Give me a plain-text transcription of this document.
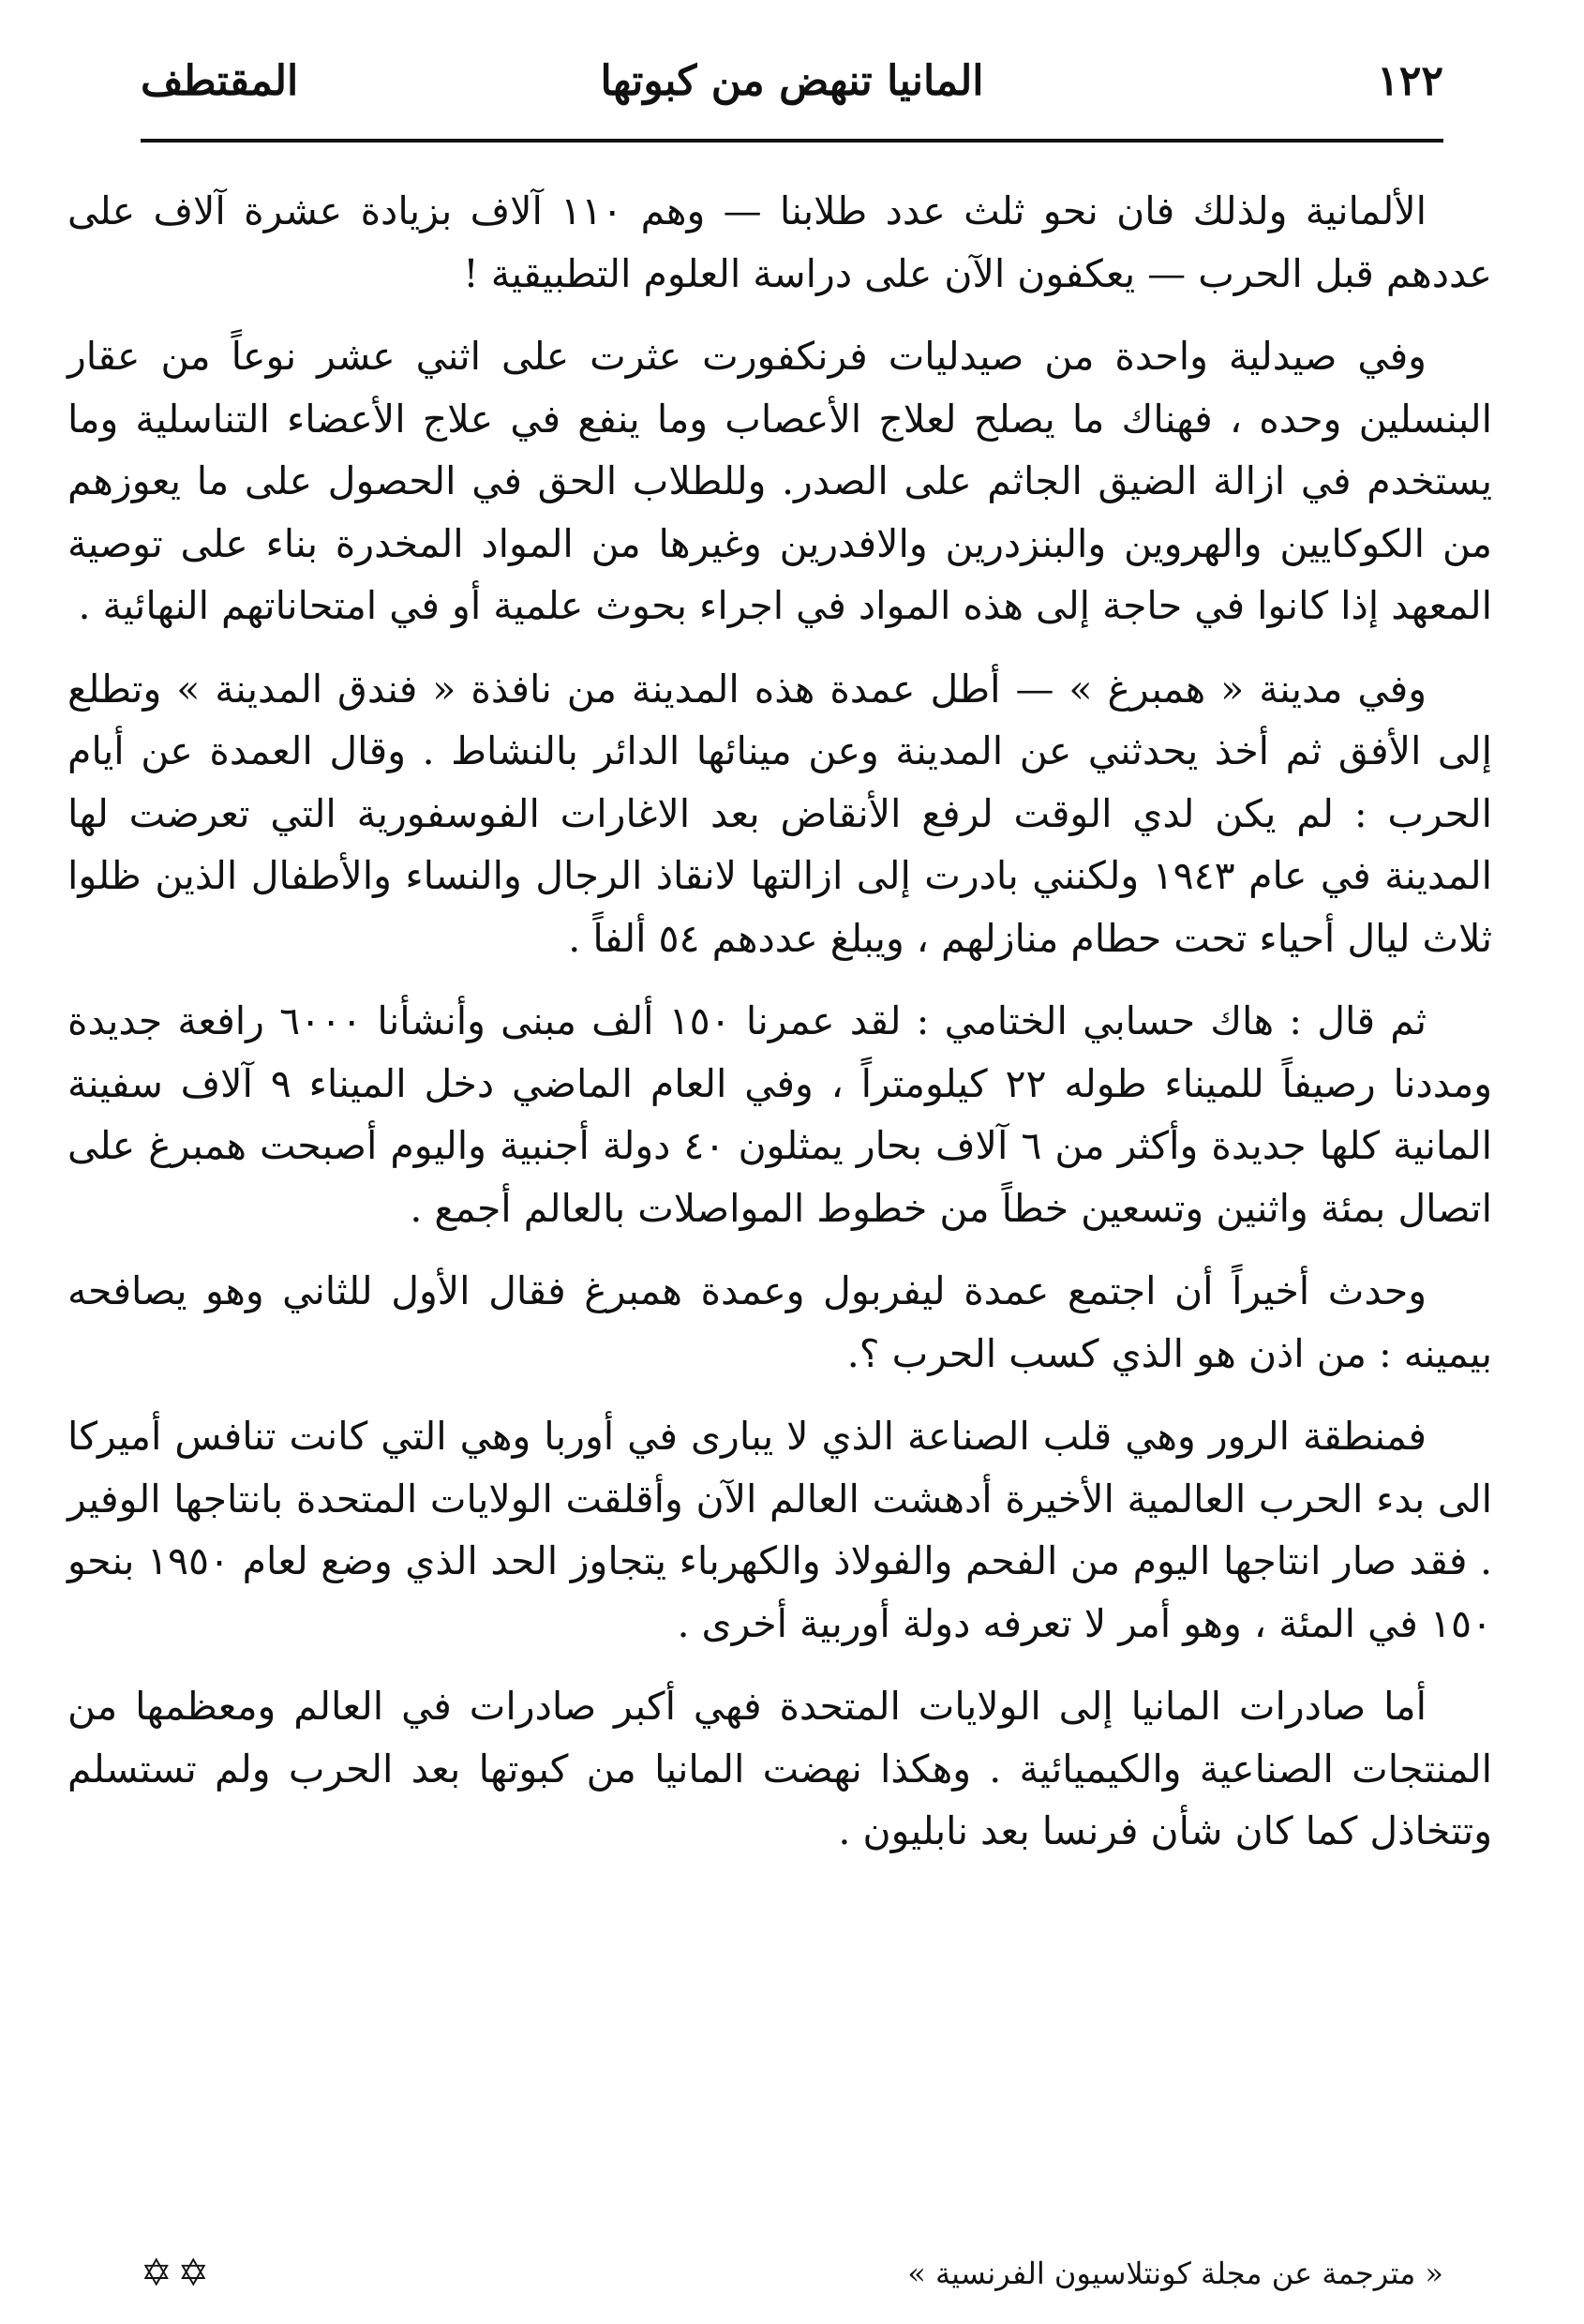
١٢٢
المانيا تنهض من كبوتها
المقتطف

الألمانية ولذلك فان نحو ثلث عدد طلابنا — وهم ١١٠ آلاف بزيادة عشرة آلاف على عددهم قبل الحرب — يعكفون الآن على دراسة العلوم التطبيقية !

وفي صيدلية واحدة من صيدليات فرنكفورت عثرت على اثني عشر نوعاً من عقار البنسلين وحده ، فهناك ما يصلح لعلاج الأعصاب وما ينفع في علاج الأعضاء التناسلية وما يستخدم في ازالة الضيق الجاثم على الصدر. وللطلاب الحق في الحصول على ما يعوزهم من الكوكايين والهروين والبنزدرين والافدرين وغيرها من المواد المخدرة بناء على توصية المعهد إذا كانوا في حاجة إلى هذه المواد في اجراء بحوث علمية أو في امتحاناتهم النهائية .

وفي مدينة « همبرغ » — أطل عمدة هذه المدينة من نافذة « فندق المدينة » وتطلع إلى الأفق ثم أخذ يحدثني عن المدينة وعن مينائها الدائر بالنشاط . وقال العمدة عن أيام الحرب : لم يكن لدي الوقت لرفع الأنقاض بعد الاغارات الفوسفورية التي تعرضت لها المدينة في عام ١٩٤٣ ولكنني بادرت إلى ازالتها لانقاذ الرجال والنساء والأطفال الذين ظلوا ثلاث ليال أحياء تحت حطام منازلهم ، ويبلغ عددهم ٥٤ ألفاً .

ثم قال : هاك حسابي الختامي : لقد عمرنا ١٥٠ ألف مبنى وأنشأنا ٦٠٠٠ رافعة جديدة ومددنا رصيفاً للميناء طوله ٢٢ كيلومتراً ، وفي العام الماضي دخل الميناء ٩ آلاف سفينة المانية كلها جديدة وأكثر من ٦ آلاف بحار يمثلون ٤٠ دولة أجنبية واليوم أصبحت همبرغ على اتصال بمئة واثنين وتسعين خطاً من خطوط المواصلات بالعالم أجمع .

وحدث أخيراً أن اجتمع عمدة ليفربول وعمدة همبرغ فقال الأول للثاني وهو يصافحه بيمينه : من اذن هو الذي كسب الحرب ؟.

فمنطقة الرور وهي قلب الصناعة الذي لا يبارى في أوربا وهي التي كانت تنافس أميركا الى بدء الحرب العالمية الأخيرة أدهشت العالم الآن وأقلقت الولايات المتحدة بانتاجها الوفير . فقد صار انتاجها اليوم من الفحم والفولاذ والكهرباء يتجاوز الحد الذي وضع لعام ١٩٥٠ بنحو ١٥٠ في المئة ، وهو أمر لا تعرفه دولة أوربية أخرى .

أما صادرات المانيا إلى الولايات المتحدة فهي أكبر صادرات في العالم ومعظمها من المنتجات الصناعية والكيميائية . وهكذا نهضت المانيا من كبوتها بعد الحرب ولم تستسلم وتتخاذل كما كان شأن فرنسا بعد نابليون .

« مترجمة عن مجلة كونتلاسيون الفرنسية »
✡✡
